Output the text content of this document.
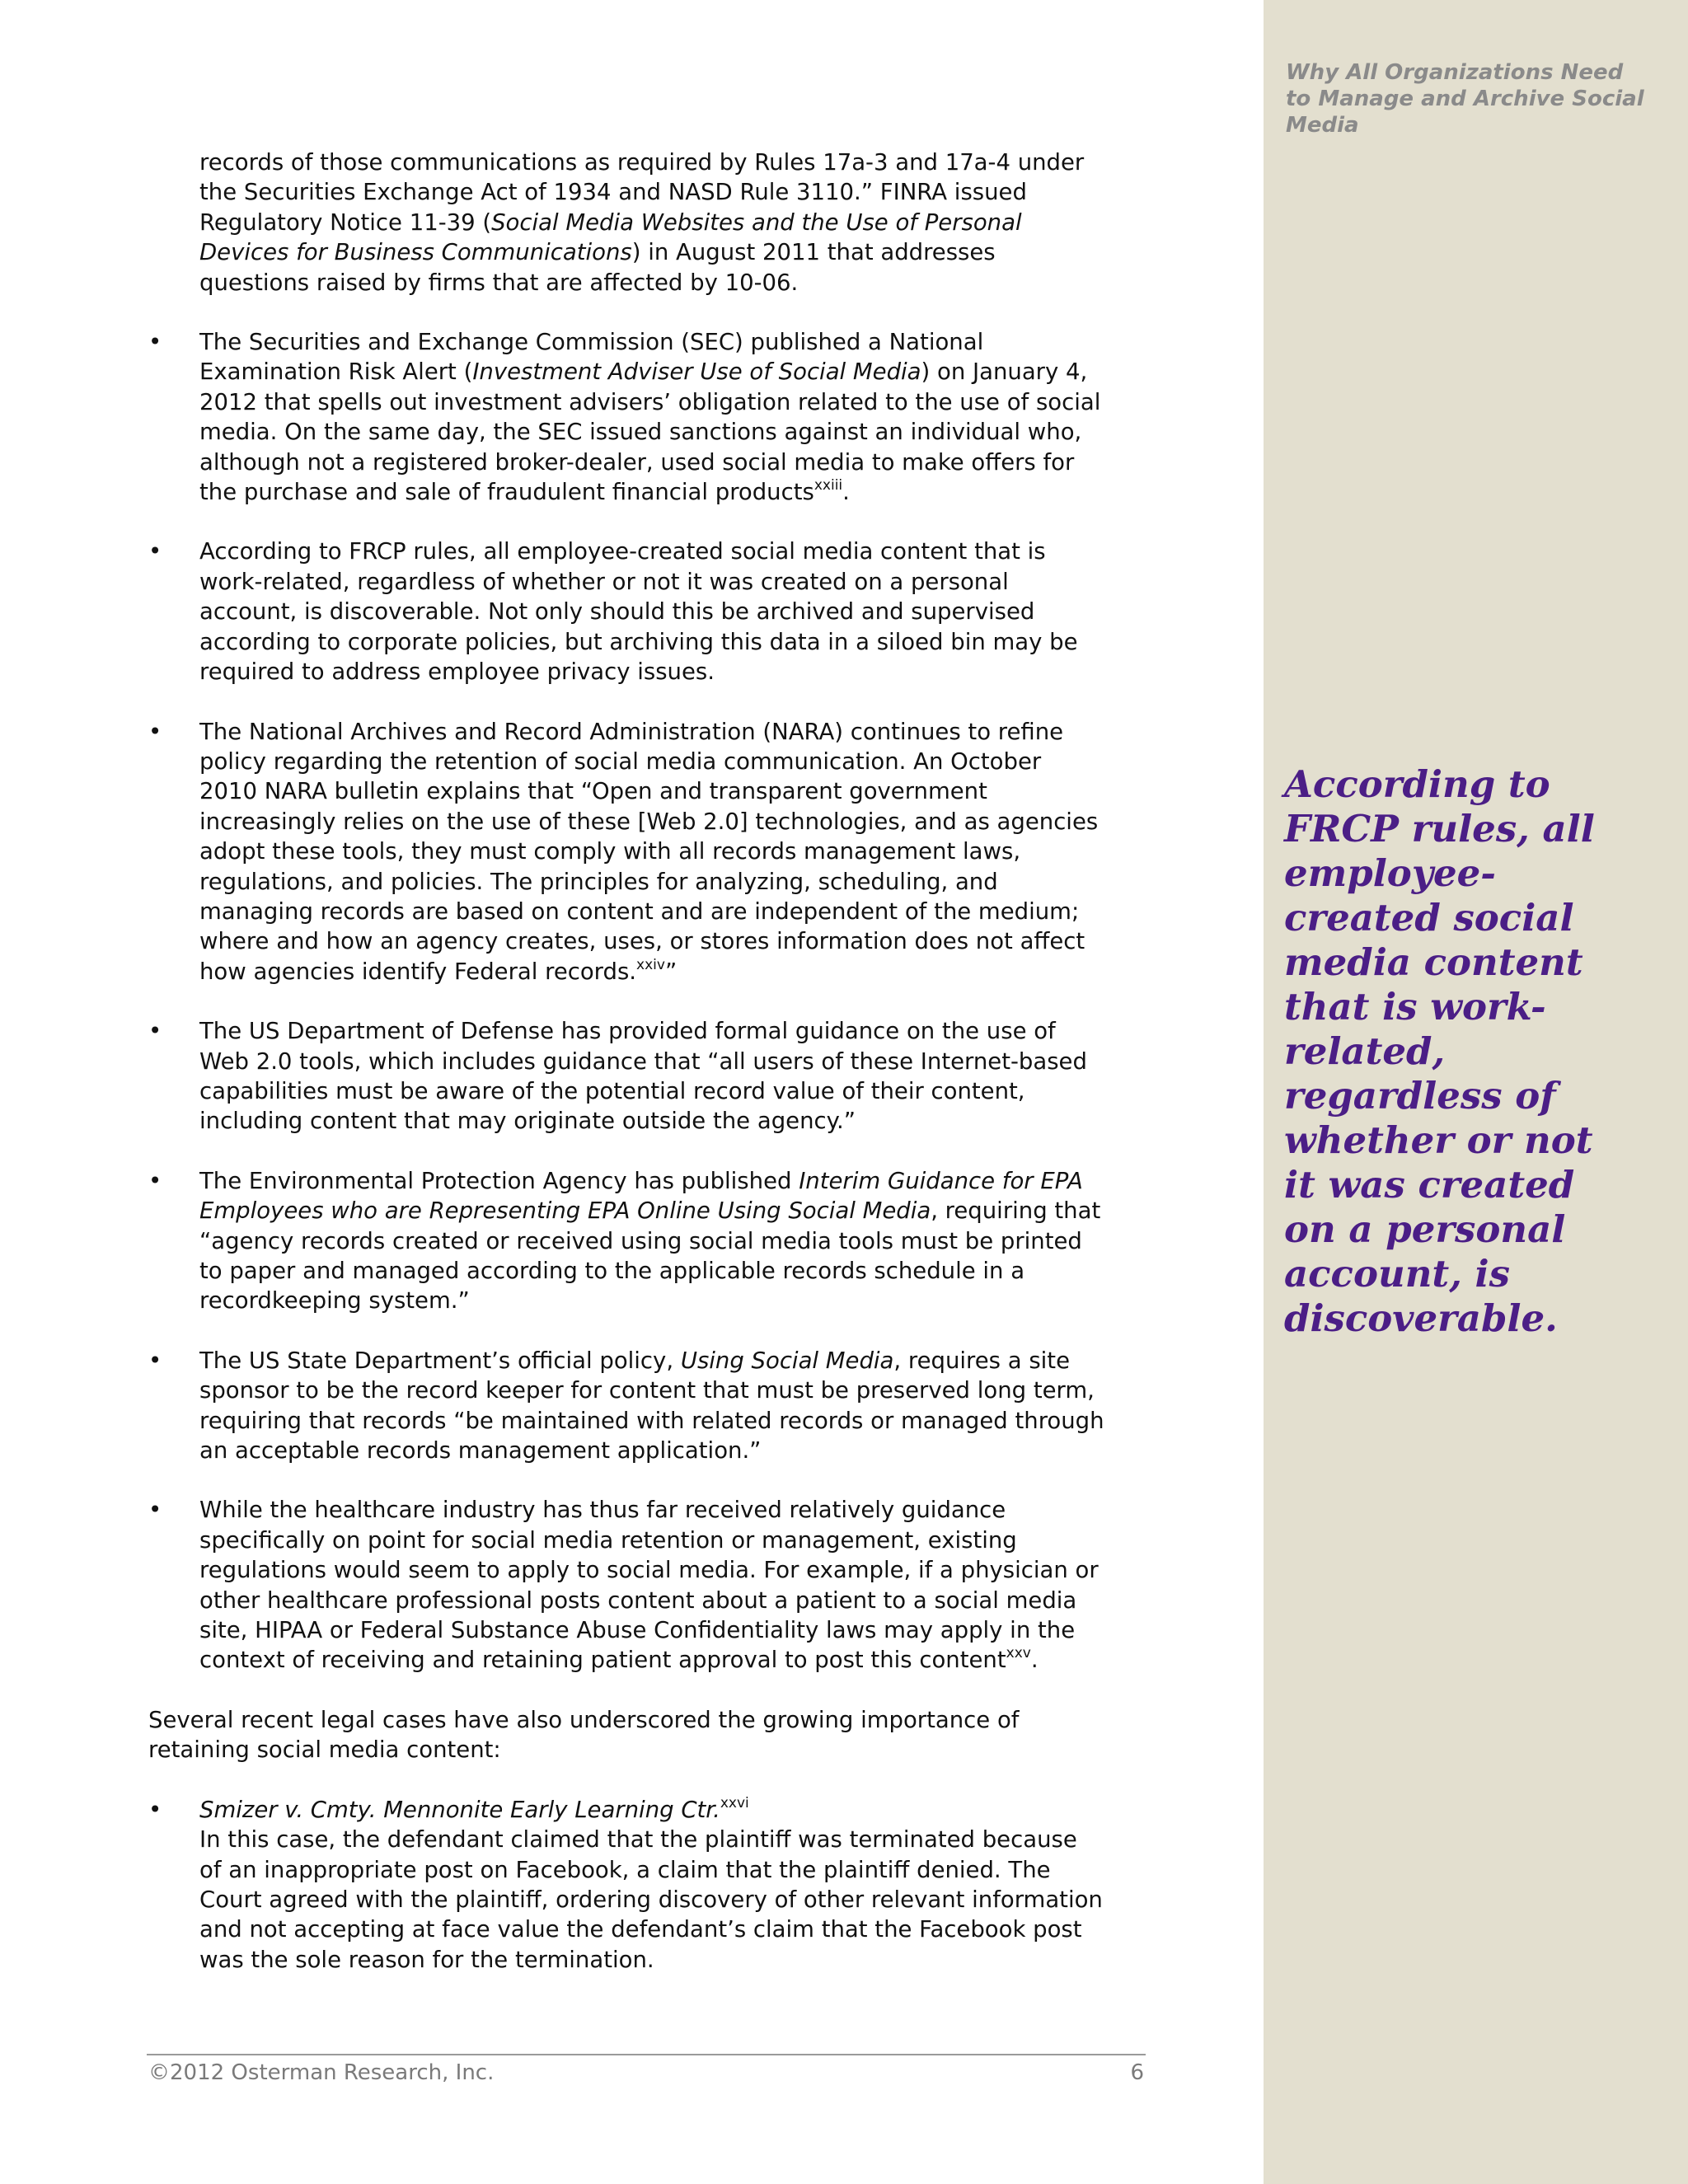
Why All Organizations Need to Manage and Archive Social Media
According to FRCP rules, all employee-created social media content that is work-related, regardless of whether or not it was created on a personal account, is discoverable.

records of those communications as required by Rules 17a-3 and 17a-4 under the Securities Exchange Act of 1934 and NASD Rule 3110.” FINRA issued Regulatory Notice 11-39 (Social Media Websites and the Use of Personal Devices for Business Communications) in August 2011 that addresses questions raised by firms that are affected by 10-06.

• The Securities and Exchange Commission (SEC) published a National Examination Risk Alert (Investment Adviser Use of Social Media) on January 4, 2012 that spells out investment advisers’ obligation related to the use of social media. On the same day, the SEC issued sanctions against an individual who, although not a registered broker-dealer, used social media to make offers for the purchase and sale of fraudulent financial products$^{xxiii}$.
• According to FRCP rules, all employee-created social media content that is work-related, regardless of whether or not it was created on a personal account, is discoverable. Not only should this be archived and supervised according to corporate policies, but archiving this data in a siloed bin may be required to address employee privacy issues.
• The National Archives and Record Administration (NARA) continues to refine policy regarding the retention of social media communication. An October 2010 NARA bulletin explains that “Open and transparent government increasingly relies on the use of these [Web 2.0] technologies, and as agencies adopt these tools, they must comply with all records management laws, regulations, and policies. The principles for analyzing, scheduling, and managing records are based on content and are independent of the medium; where and how an agency creates, uses, or stores information does not affect how agencies identify Federal records.$^{xxiv}$”
• The US Department of Defense has provided formal guidance on the use of Web 2.0 tools, which includes guidance that “all users of these Internet-based capabilities must be aware of the potential record value of their content, including content that may originate outside the agency.”
• The Environmental Protection Agency has published Interim Guidance for EPA Employees who are Representing EPA Online Using Social Media, requiring that “agency records created or received using social media tools must be printed to paper and managed according to the applicable records schedule in a recordkeeping system.”
• The US State Department’s official policy, Using Social Media, requires a site sponsor to be the record keeper for content that must be preserved long term, requiring that records “be maintained with related records or managed through an acceptable records management application.”
• While the healthcare industry has thus far received relatively guidance specifically on point for social media retention or management, existing regulations would seem to apply to social media. For example, if a physician or other healthcare professional posts content about a patient to a social media site, HIPAA or Federal Substance Abuse Confidentiality laws may apply in the context of receiving and retaining patient approval to post this content$^{xxv}$.

Several recent legal cases have also underscored the growing importance of retaining social media content:

• Smizer v. Cmty. Mennonite Early Learning Ctr.$^{xxvi}$
In this case, the defendant claimed that the plaintiff was terminated because of an inappropriate post on Facebook, a claim that the plaintiff denied. The Court agreed with the plaintiff, ordering discovery of other relevant information and not accepting at face value the defendant’s claim that the Facebook post was the sole reason for the termination.
©2012 Osterman Research, Inc.	6
